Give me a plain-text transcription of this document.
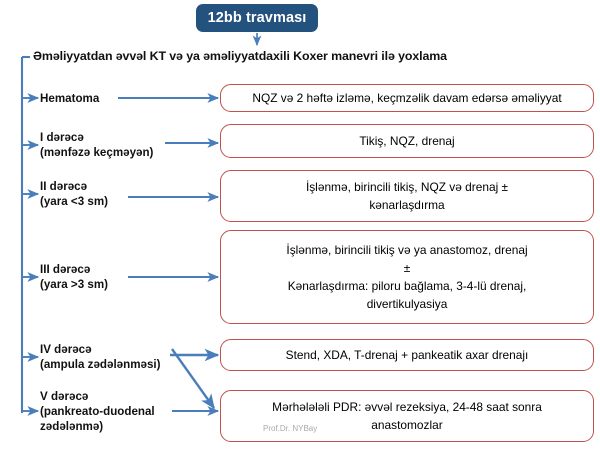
12bb travması
Əməliyyatdan əvvəl KT və ya əməliyyatdaxili Koxer manevri ilə yoxlama
Hematoma
I dərəcə
(mənfəzə keçməyən)
II dərəcə
(yara <3 sm)
III dərəcə
(yara >3 sm)
IV dərəcə
(ampula zədələnməsi)
V dərəcə
(pankreato-duodenal
zədələnmə)
NQZ və 2 həftə izləmə, keçmzəlik davam edərsə əməliyyat
Tikiş, NQZ, drenaj
İşlənmə, birincili tikiş, NQZ və drenaj ±
kənarlaşdırma
İşlənmə, birincili tikiş və ya anastomoz, drenaj
±
Kənarlaşdırma: piloru bağlama, 3-4-lü drenaj,
divertikulyasiya
Stend, XDA, T-drenaj + pankeatik axar drenajı
Mərhələləli PDR: əvvəl rezeksiya, 24-48 saat sonra
anastomozlar
Prof.Dr. NYBay
